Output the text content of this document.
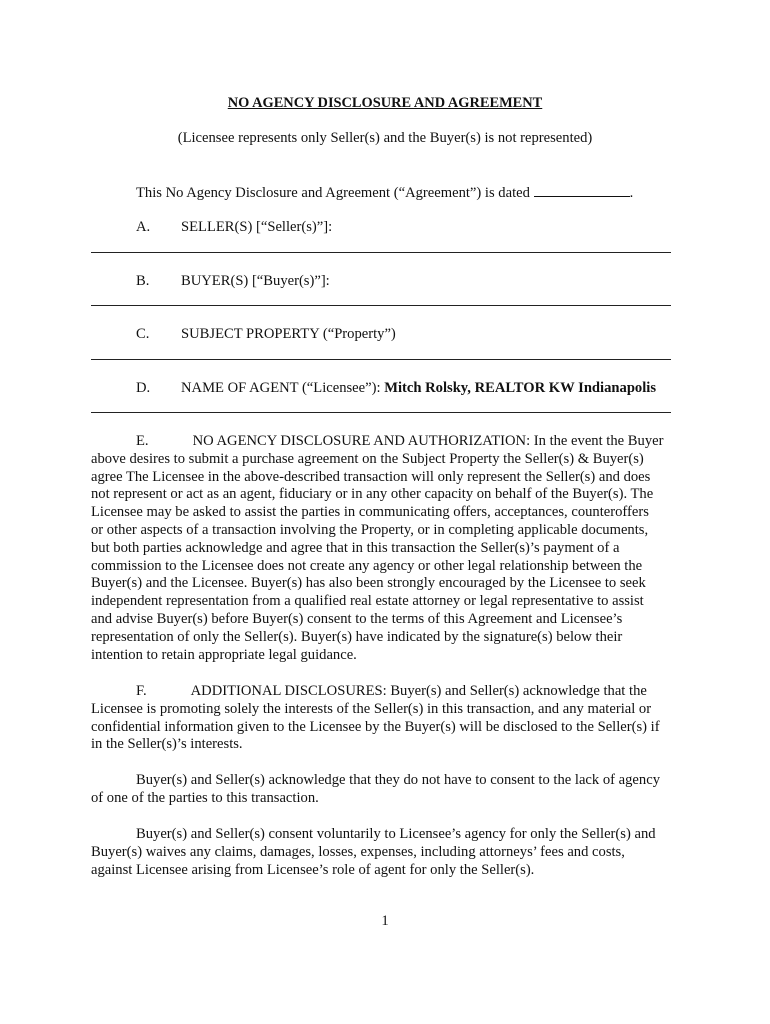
NO AGENCY DISCLOSURE AND AGREEMENT
(Licensee represents only Seller(s) and the Buyer(s) is not represented)
This No Agency Disclosure and Agreement (“Agreement”) is dated	.
A. SELLER(S) [“Seller(s)”]:
B. BUYER(S) [“Buyer(s)”]:
C. SUBJECT PROPERTY (“Property”)
D. NAME OF AGENT (“Licensee”): Mitch Rolsky, REALTOR KW Indianapolis

E.	NO AGENCY DISCLOSURE AND AUTHORIZATION: In the event the Buyer

above desires to submit a purchase agreement on the Subject Property the Seller(s) & Buyer(s)

agree The Licensee in the above-described transaction will only represent the Seller(s) and does

not represent or act as an agent, fiduciary or in any other capacity on behalf of the Buyer(s). The

Licensee may be asked to assist the parties in communicating offers, acceptances, counteroffers

or other aspects of a transaction involving the Property, or in completing applicable documents,

but both parties acknowledge and agree that in this transaction the Seller(s)’s payment of a

commission to the Licensee does not create any agency or other legal relationship between the

Buyer(s) and the Licensee. Buyer(s) has also been strongly encouraged by the Licensee to seek

independent representation from a qualified real estate attorney or legal representative to assist

and advise Buyer(s) before Buyer(s) consent to the terms of this Agreement and Licensee’s

representation of only the Seller(s). Buyer(s) have indicated by the signature(s) below their

intention to retain appropriate legal guidance.

F.	ADDITIONAL DISCLOSURES: Buyer(s) and Seller(s) acknowledge that the

Licensee is promoting solely the interests of the Seller(s) in this transaction, and any material or

confidential information given to the Licensee by the Buyer(s) will be disclosed to the Seller(s) if

in the Seller(s)’s interests.

Buyer(s) and Seller(s) acknowledge that they do not have to consent to the lack of agency

of one of the parties to this transaction.

Buyer(s) and Seller(s) consent voluntarily to Licensee’s agency for only the Seller(s) and

Buyer(s) waives any claims, damages, losses, expenses, including attorneys’ fees and costs,

against Licensee arising from Licensee’s role of agent for only the Seller(s).

1
